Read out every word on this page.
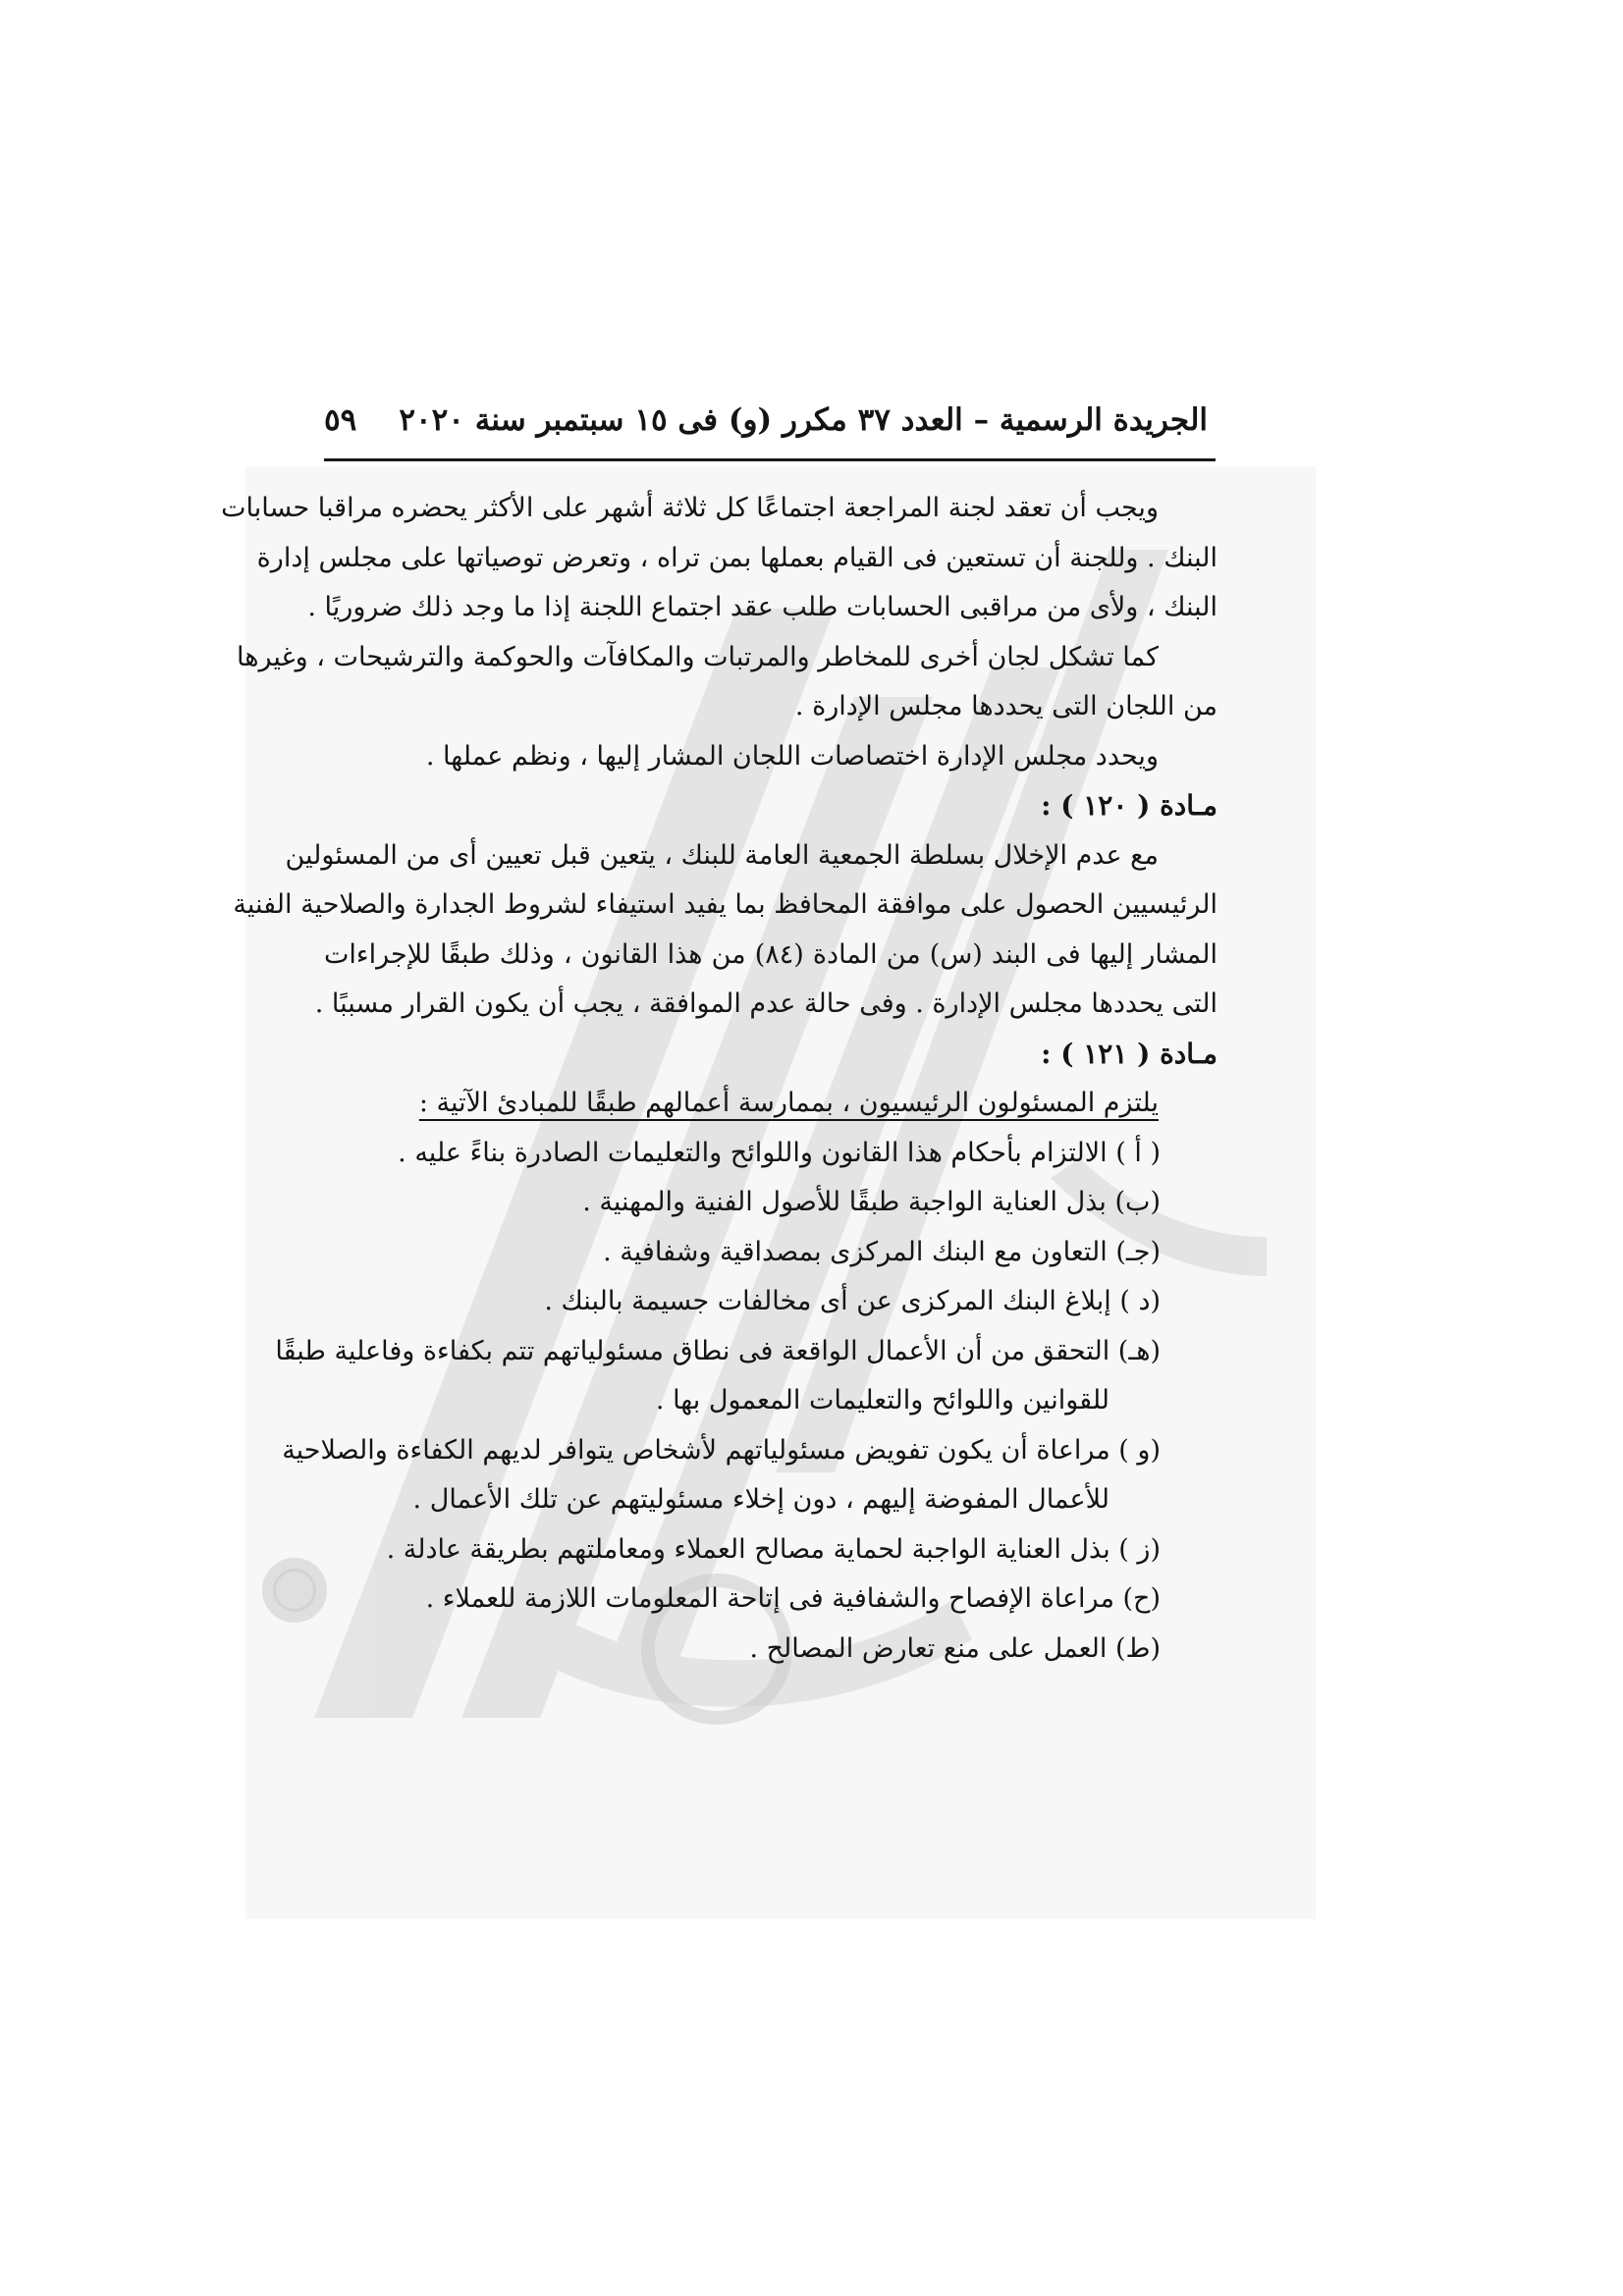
الجريدة الرسمية – العدد ٣٧ مكرر (و) فى ١٥ سبتمبر سنة ٢٠٢٠
٥٩
ويجب أن تعقد لجنة المراجعة اجتماعًا كل ثلاثة أشهر على الأكثر يحضره مراقبا حسابات
البنك . وللجنة أن تستعين فى القيام بعملها بمن تراه ، وتعرض توصياتها على مجلس إدارة
البنك ، ولأى من مراقبى الحسابات طلب عقد اجتماع اللجنة إذا ما وجد ذلك ضروريًا .
كما تشكل لجان أخرى للمخاطر والمرتبات والمكافآت والحوكمة والترشيحات ، وغيرها
من اللجان التى يحددها مجلس الإدارة .
ويحدد مجلس الإدارة اختصاصات اللجان المشار إليها ، ونظم عملها .
مـادة ( ١٢٠ ) :
مع عدم الإخلال بسلطة الجمعية العامة للبنك ، يتعين قبل تعيين أى من المسئولين
الرئيسيين الحصول على موافقة المحافظ بما يفيد استيفاء لشروط الجدارة والصلاحية الفنية
المشار إليها فى البند (س) من المادة (٨٤) من هذا القانون ، وذلك طبقًا للإجراءات
التى يحددها مجلس الإدارة . وفى حالة عدم الموافقة ، يجب أن يكون القرار مسببًا .
مـادة ( ١٢١ ) :
يلتزم المسئولون الرئيسيون ، بممارسة أعمالهم طبقًا للمبادئ الآتية :
( أ ) الالتزام بأحكام هذا القانون واللوائح والتعليمات الصادرة بناءً عليه .
(ب) بذل العناية الواجبة طبقًا للأصول الفنية والمهنية .
(جـ) التعاون مع البنك المركزى بمصداقية وشفافية .
(د ) إبلاغ البنك المركزى عن أى مخالفات جسيمة بالبنك .
(هـ) التحقق من أن الأعمال الواقعة فى نطاق مسئولياتهم تتم بكفاءة وفاعلية طبقًا
للقوانين واللوائح والتعليمات المعمول بها .
(و ) مراعاة أن يكون تفويض مسئولياتهم لأشخاص يتوافر لديهم الكفاءة والصلاحية
للأعمال المفوضة إليهم ، دون إخلاء مسئوليتهم عن تلك الأعمال .
(ز ) بذل العناية الواجبة لحماية مصالح العملاء ومعاملتهم بطريقة عادلة .
(ح) مراعاة الإفصاح والشفافية فى إتاحة المعلومات اللازمة للعملاء .
(ط) العمل على منع تعارض المصالح .
